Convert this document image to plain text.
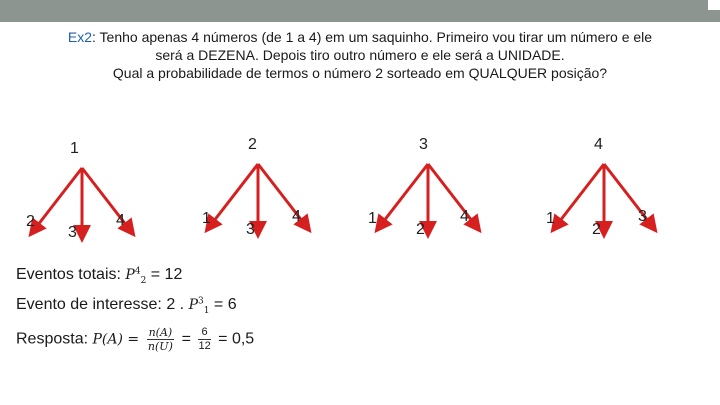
Ex2: Tenho apenas 4 números (de 1 a 4) em um saquinho. Primeiro vou tirar um número e ele
será a DEZENA. Depois tiro outro número e ele será a UNIDADE.
Qual a probabilidade de termos o número 2 sorteado em QUALQUER posição?
1
2
3
4
2
1
3
4
3
1
2
4
4
1
2
3
Eventos totais: $P^4_2 = 12$
Evento de interesse: 2 . $P^3_1 = 6$
Resposta: $P(A) = \frac{n(A)}{n(U)} = \frac{6}{12} = 0,5$
